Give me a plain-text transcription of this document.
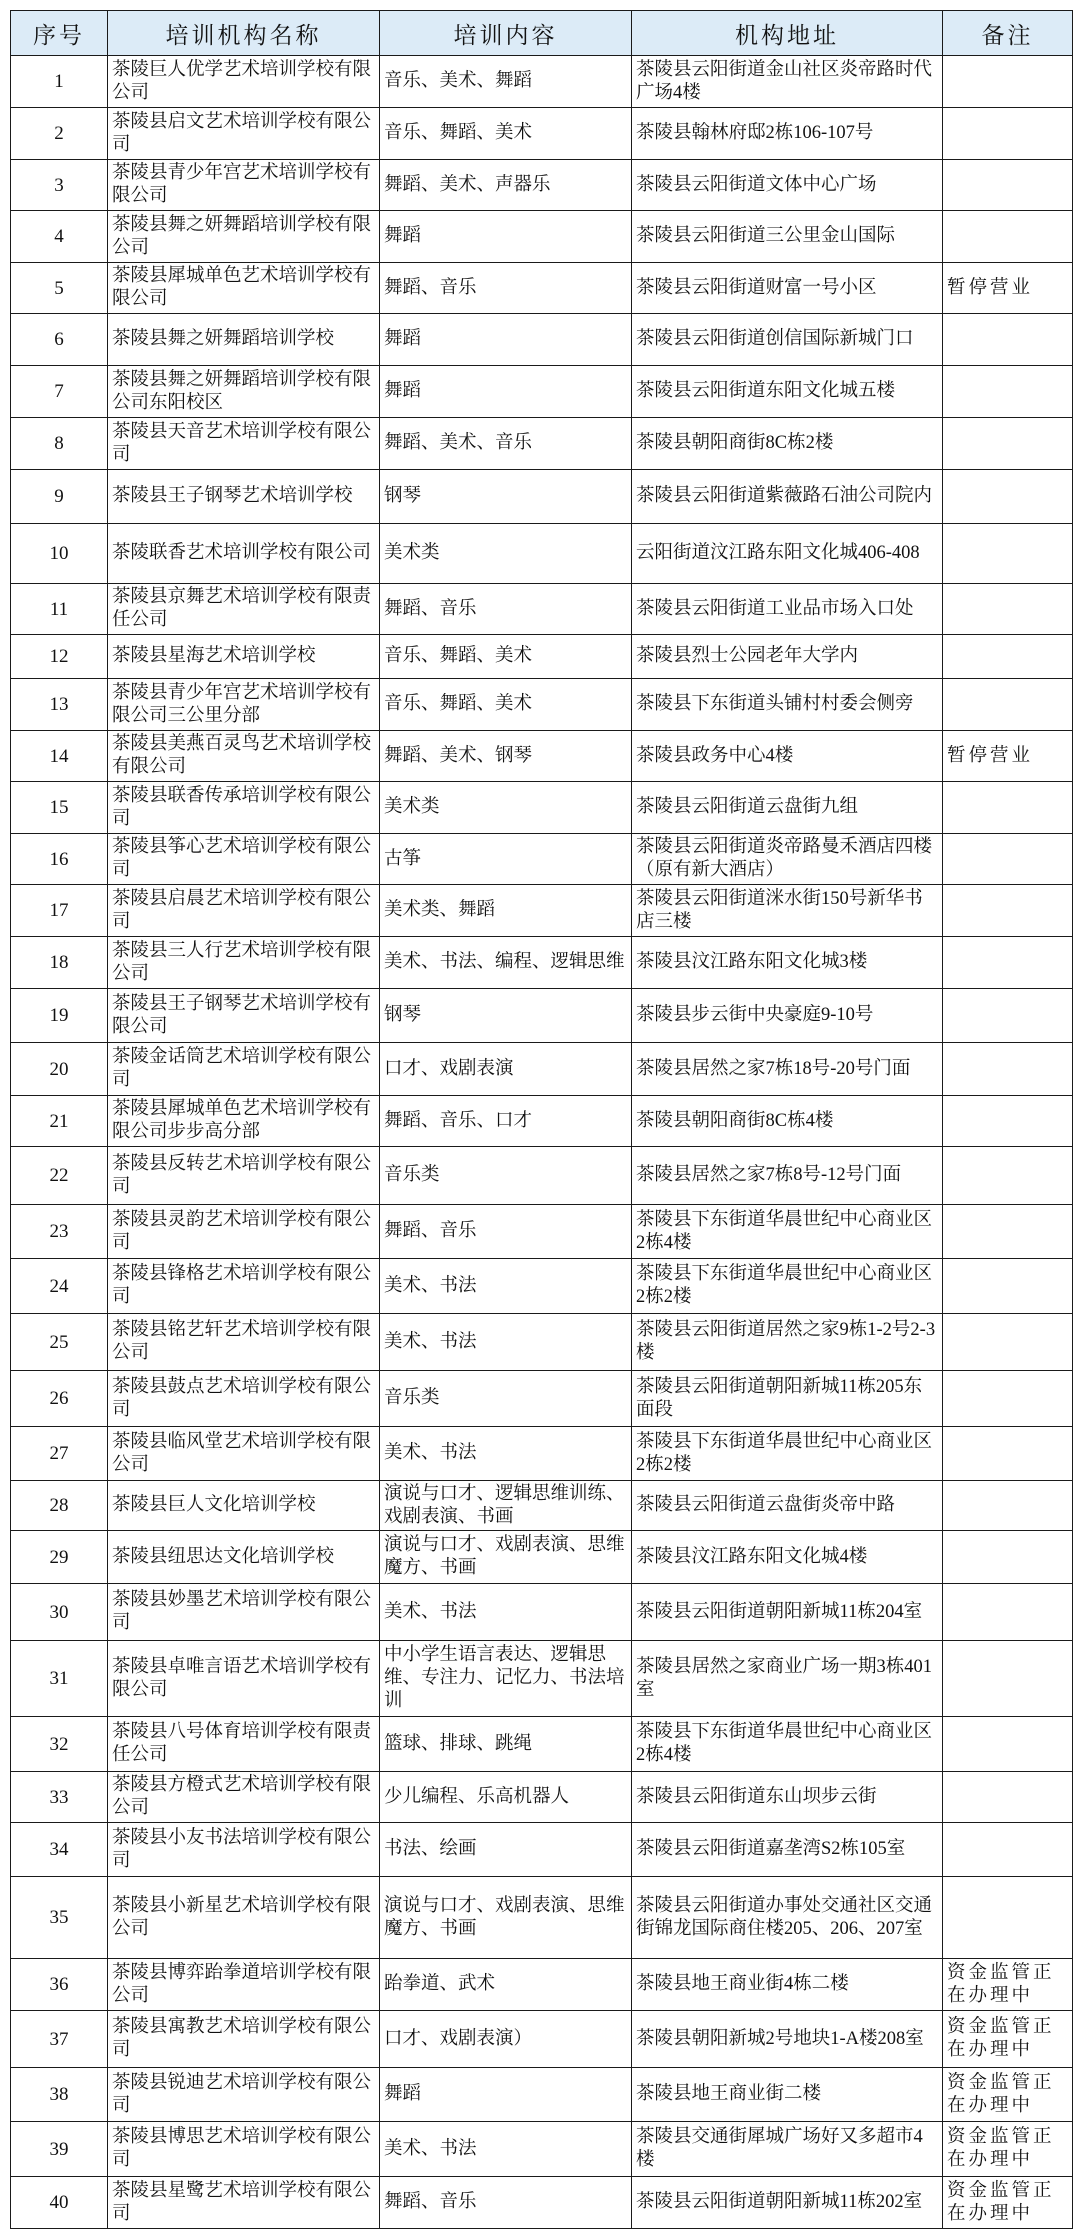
序号	培训机构名称	培训内容	机构地址	备注
1	茶陵巨人优学艺术培训学校有限公司	音乐、美术、舞蹈	茶陵县云阳街道金山社区炎帝路时代广场4楼	
2	茶陵县启文艺术培训学校有限公司	音乐、舞蹈、美术	茶陵县翰林府邸2栋106-107号	
3	茶陵县青少年宫艺术培训学校有限公司	舞蹈、美术、声器乐	茶陵县云阳街道文体中心广场	
4	茶陵县舞之妍舞蹈培训学校有限公司	舞蹈	茶陵县云阳街道三公里金山国际	
5	茶陵县犀城单色艺术培训学校有限公司	舞蹈、音乐	茶陵县云阳街道财富一号小区	暂停营业
6	茶陵县舞之妍舞蹈培训学校	舞蹈	茶陵县云阳街道创信国际新城门口	
7	茶陵县舞之妍舞蹈培训学校有限公司东阳校区	舞蹈	茶陵县云阳街道东阳文化城五楼	
8	茶陵县天音艺术培训学校有限公司	舞蹈、美术、音乐	茶陵县朝阳商街8C栋2楼	
9	茶陵县王子钢琴艺术培训学校	钢琴	茶陵县云阳街道紫薇路石油公司院内	
10	茶陵联香艺术培训学校有限公司	美术类	云阳街道汶江路东阳文化城406-408	
11	茶陵县京舞艺术培训学校有限责任公司	舞蹈、音乐	茶陵县云阳街道工业品市场入口处	
12	茶陵县星海艺术培训学校	音乐、舞蹈、美术	茶陵县烈士公园老年大学内	
13	茶陵县青少年宫艺术培训学校有限公司三公里分部	音乐、舞蹈、美术	茶陵县下东街道头铺村村委会侧旁	
14	茶陵县美燕百灵鸟艺术培训学校有限公司	舞蹈、美术、钢琴	茶陵县政务中心4楼	暂停营业
15	茶陵县联香传承培训学校有限公司	美术类	茶陵县云阳街道云盘街九组	
16	茶陵县筝心艺术培训学校有限公司	古筝	茶陵县云阳街道炎帝路曼禾酒店四楼（原有新大酒店）	
17	茶陵县启晨艺术培训学校有限公司	美术类、舞蹈	茶陵县云阳街道洣水街150号新华书店三楼	
18	茶陵县三人行艺术培训学校有限公司	美术、书法、编程、逻辑思维	茶陵县汶江路东阳文化城3楼	
19	茶陵县王子钢琴艺术培训学校有限公司	钢琴	茶陵县步云街中央豪庭9-10号	
20	茶陵金话筒艺术培训学校有限公司	口才、戏剧表演	茶陵县居然之家7栋18号-20号门面	
21	茶陵县犀城单色艺术培训学校有限公司步步高分部	舞蹈、音乐、口才	茶陵县朝阳商街8C栋4楼	
22	茶陵县反转艺术培训学校有限公司	音乐类	茶陵县居然之家7栋8号-12号门面	
23	茶陵县灵韵艺术培训学校有限公司	舞蹈、音乐	茶陵县下东街道华晨世纪中心商业区2栋4楼	
24	茶陵县锋格艺术培训学校有限公司	美术、书法	茶陵县下东街道华晨世纪中心商业区2栋2楼	
25	茶陵县铭艺轩艺术培训学校有限公司	美术、书法	茶陵县云阳街道居然之家9栋1-2号2-3楼	
26	茶陵县鼓点艺术培训学校有限公司	音乐类	茶陵县云阳街道朝阳新城11栋205东面段	
27	茶陵县临风堂艺术培训学校有限公司	美术、书法	茶陵县下东街道华晨世纪中心商业区2栋2楼	
28	茶陵县巨人文化培训学校	演说与口才、逻辑思维训练、戏剧表演、书画	茶陵县云阳街道云盘街炎帝中路	
29	茶陵县纽思达文化培训学校	演说与口才、戏剧表演、思维魔方、书画	茶陵县汶江路东阳文化城4楼	
30	茶陵县妙墨艺术培训学校有限公司	美术、书法	茶陵县云阳街道朝阳新城11栋204室	
31	茶陵县卓唯言语艺术培训学校有限公司	中小学生语言表达、逻辑思维、专注力、记忆力、书法培训	茶陵县居然之家商业广场一期3栋401室	
32	茶陵县八号体育培训学校有限责任公司	篮球、排球、跳绳	茶陵县下东街道华晨世纪中心商业区2栋4楼	
33	茶陵县方橙式艺术培训学校有限公司	少儿编程、乐高机器人	茶陵县云阳街道东山坝步云街	
34	茶陵县小友书法培训学校有限公司	书法、绘画	茶陵县云阳街道嘉垄湾S2栋105室	
35	茶陵县小新星艺术培训学校有限公司	演说与口才、戏剧表演、思维魔方、书画	茶陵县云阳街道办事处交通社区交通街锦龙国际商住楼205、206、207室	
36	茶陵县博弈跆拳道培训学校有限公司	跆拳道、武术	茶陵县地王商业街4栋二楼	资金监管正在办理中
37	茶陵县寓教艺术培训学校有限公司	口才、戏剧表演）	茶陵县朝阳新城2号地块1-A楼208室	资金监管正在办理中
38	茶陵县锐迪艺术培训学校有限公司	舞蹈	茶陵县地王商业街二楼	资金监管正在办理中
39	茶陵县博思艺术培训学校有限公司	美术、书法	茶陵县交通街犀城广场好又多超市4楼	资金监管正在办理中
40	茶陵县星鹭艺术培训学校有限公司	舞蹈、音乐	茶陵县云阳街道朝阳新城11栋202室	资金监管正在办理中
